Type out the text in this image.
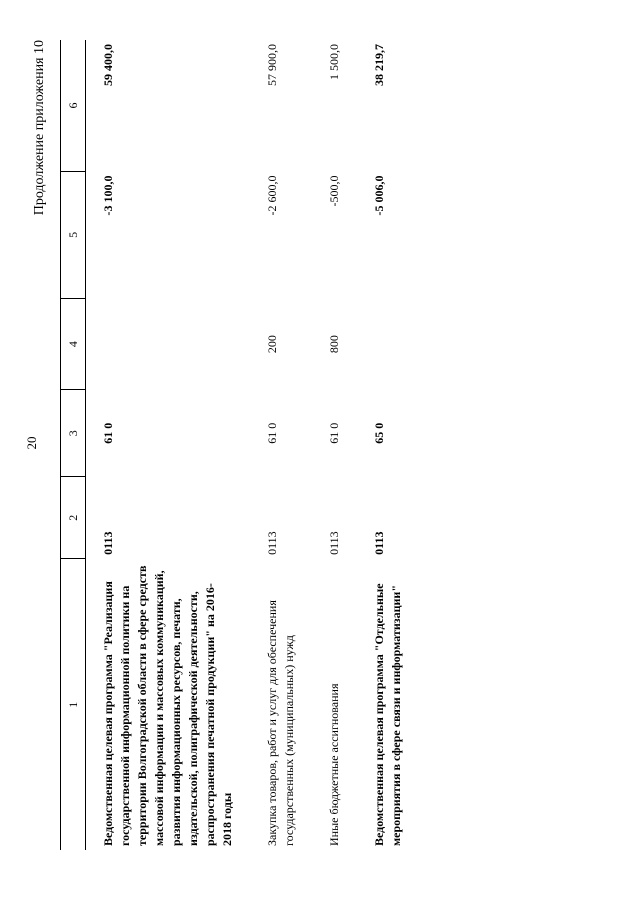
20
Продолжение приложения 10
1	2	3	4	5	6
Ведомственная целевая программа "Реализация государственной информационной политики на территории Волгоградской области в сфере средств массовой информации и массовых коммуникаций, развития информационных ресурсов, печати, издательской, полиграфической деятельности, распространения печатной продукции" на 2016-2018 годы	0113	61 0		-3 100,0	59 400,0
Закупка товаров, работ и услуг для обеспечения государственных (муниципальных) нужд	0113	61 0	200	-2 600,0	57 900,0
Иные бюджетные ассигнования	0113	61 0	800	-500,0	1 500,0
Ведомственная целевая программа "Отдельные мероприятия в сфере связи и информатизации"	0113	65 0		-5 006,0	38 219,7
